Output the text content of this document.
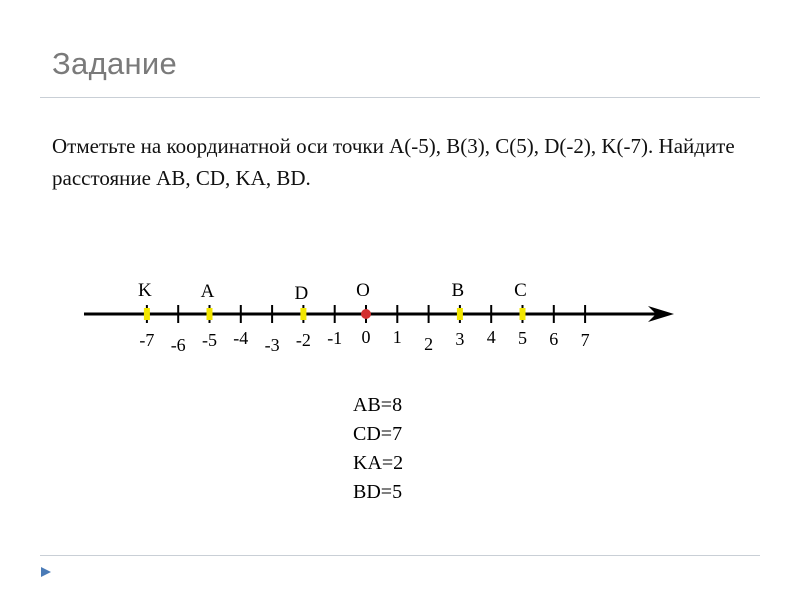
Задание
Отметьте на координатной оси точки A(-5), B(3), C(5), D(-2), K(-7). Найдите расстояние AB, CD, KA, BD.
-7 -6 -5 -4 -3 -2 -1 0 1 2 3 4 5 6 7
O
K	A	D	B	C
AB=8
CD=7
KA=2
BD=5
